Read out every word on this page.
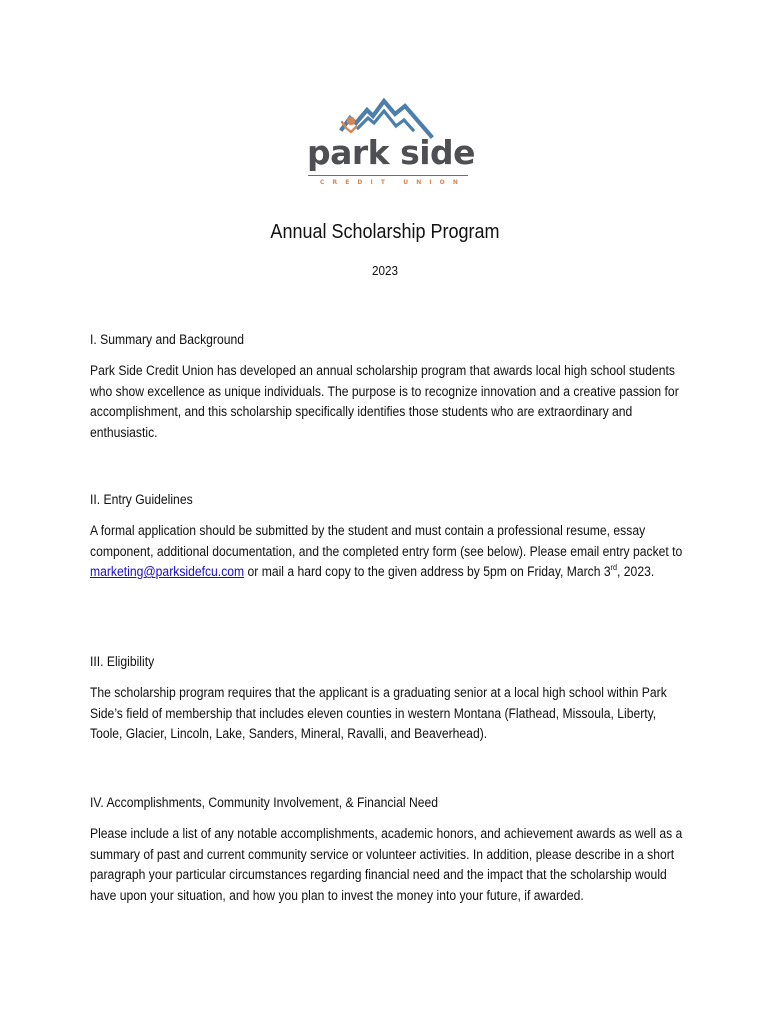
park side
CREDIT UNION
Annual Scholarship Program
2023

I. Summary and Background

Park Side Credit Union has developed an annual scholarship program that awards local high school students who show excellence as unique individuals. The purpose is to recognize innovation and a creative passion for accomplishment, and this scholarship specifically identifies those students who are extraordinary and enthusiastic.

II. Entry Guidelines

A formal application should be submitted by the student and must contain a professional resume, essay component, additional documentation, and the completed entry form (see below). Please email entry packet to marketing@parksidefcu.com or mail a hard copy to the given address by 5pm on Friday, March 3rd, 2023.

III. Eligibility

The scholarship program requires that the applicant is a graduating senior at a local high school within Park Side’s field of membership that includes eleven counties in western Montana (Flathead, Missoula, Liberty, Toole, Glacier, Lincoln, Lake, Sanders, Mineral, Ravalli, and Beaverhead).

IV. Accomplishments, Community Involvement, & Financial Need

Please include a list of any notable accomplishments, academic honors, and achievement awards as well as a summary of past and current community service or volunteer activities. In addition, please describe in a short paragraph your particular circumstances regarding financial need and the impact that the scholarship would have upon your situation, and how you plan to invest the money into your future, if awarded.
